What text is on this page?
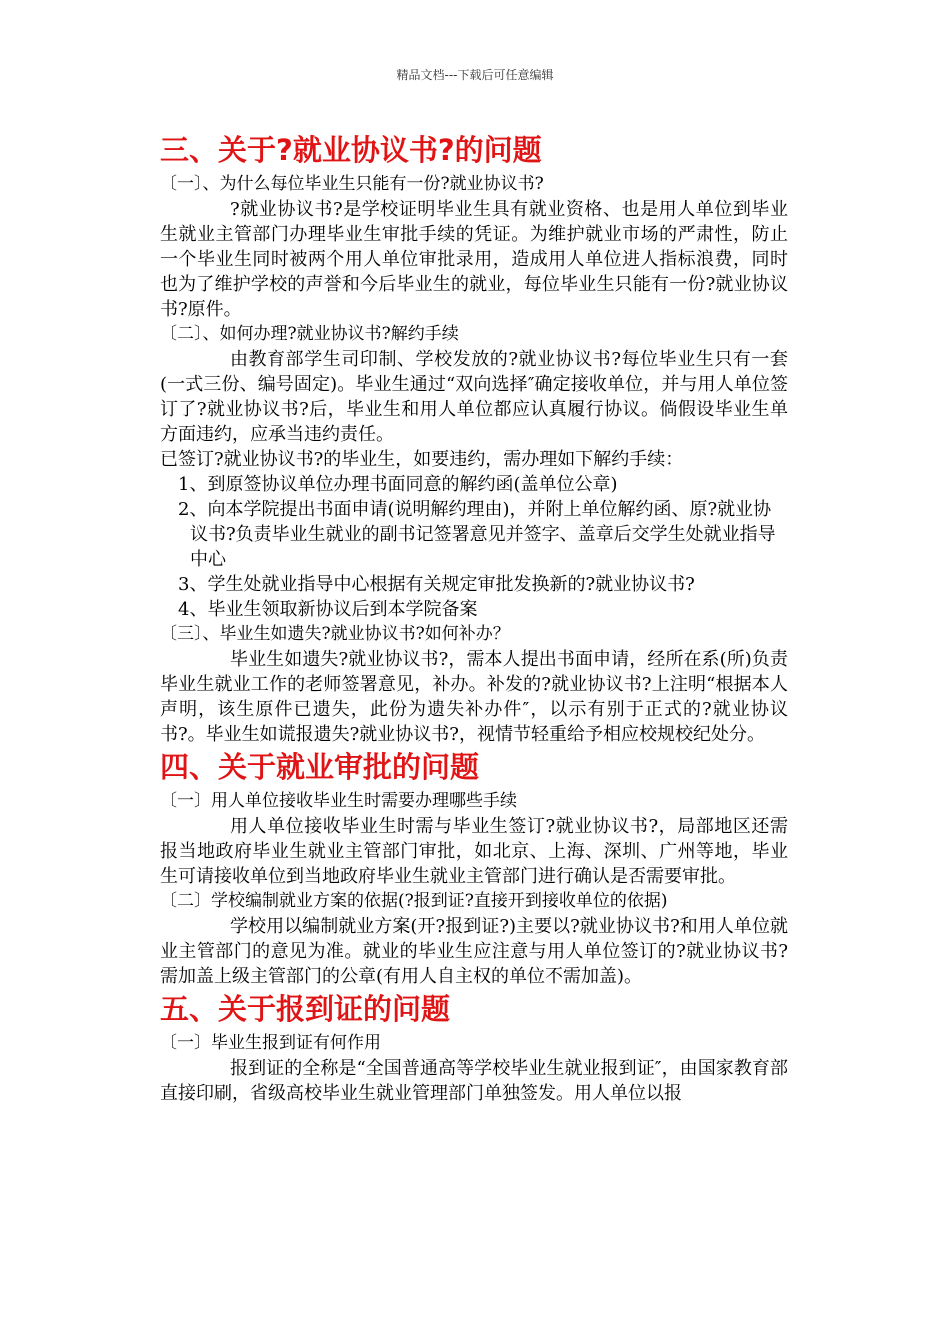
精品文档---下载后可任意编辑
三、关于?就业协议书?的问题

〔一〕、为什么每位毕业生只能有一份?就业协议书?

?就业协议书?是学校证明毕业生具有就业资格、也是用人单位到毕业生就业主管部门办理毕业生审批手续的凭证。为维护就业市场的严肃性，防止一个毕业生同时被两个用人单位审批录用，造成用人单位进人指标浪费，同时也为了维护学校的声誉和今后毕业生的就业，每位毕业生只能有一份?就业协议书?原件。

〔二〕、如何办理?就业协议书?解约手续

由教育部学生司印制、学校发放的?就业协议书?每位毕业生只有一套(一式三份、编号固定)。毕业生通过“双向选择″确定接收单位，并与用人单位签订了?就业协议书?后，毕业生和用人单位都应认真履行协议。倘假设毕业生单方面违约，应承当违约责任。

已签订?就业协议书?的毕业生，如要违约，需办理如下解约手续：

1、到原签协议单位办理书面同意的解约函(盖单位公章)

2、向本学院提出书面申请(说明解约理由)，并附上单位解约函、原?就业协

议书?负责毕业生就业的副书记签署意见并签字、盖章后交学生处就业指导

中心

3、学生处就业指导中心根据有关规定审批发换新的?就业协议书?

4、毕业生领取新协议后到本学院备案

〔三〕、毕业生如遗失?就业协议书?如何补办？

毕业生如遗失?就业协议书?，需本人提出书面申请，经所在系(所)负责毕业生就业工作的老师签署意见，补办。补发的?就业协议书?上注明“根据本人声明，该生原件已遗失，此份为遗失补办件″，以示有别于正式的?就业协议书?。毕业生如谎报遗失?就业协议书?，视情节轻重给予相应校规校纪处分。

四、关于就业审批的问题

〔一〕用人单位接收毕业生时需要办理哪些手续

用人单位接收毕业生时需与毕业生签订?就业协议书?，局部地区还需报当地政府毕业生就业主管部门审批，如北京、上海、深圳、广州等地，毕业生可请接收单位到当地政府毕业生就业主管部门进行确认是否需要审批。

〔二〕学校编制就业方案的依据(?报到证?直接开到接收单位的依据)

学校用以编制就业方案(开?报到证?)主要以?就业协议书?和用人单位就业主管部门的意见为准。就业的毕业生应注意与用人单位签订的?就业协议书?需加盖上级主管部门的公章(有用人自主权的单位不需加盖)。

五、关于报到证的问题

〔一〕毕业生报到证有何作用

报到证的全称是“全国普通高等学校毕业生就业报到证″，由国家教育部直接印刷，省级高校毕业生就业管理部门单独签发。用人单位以报
